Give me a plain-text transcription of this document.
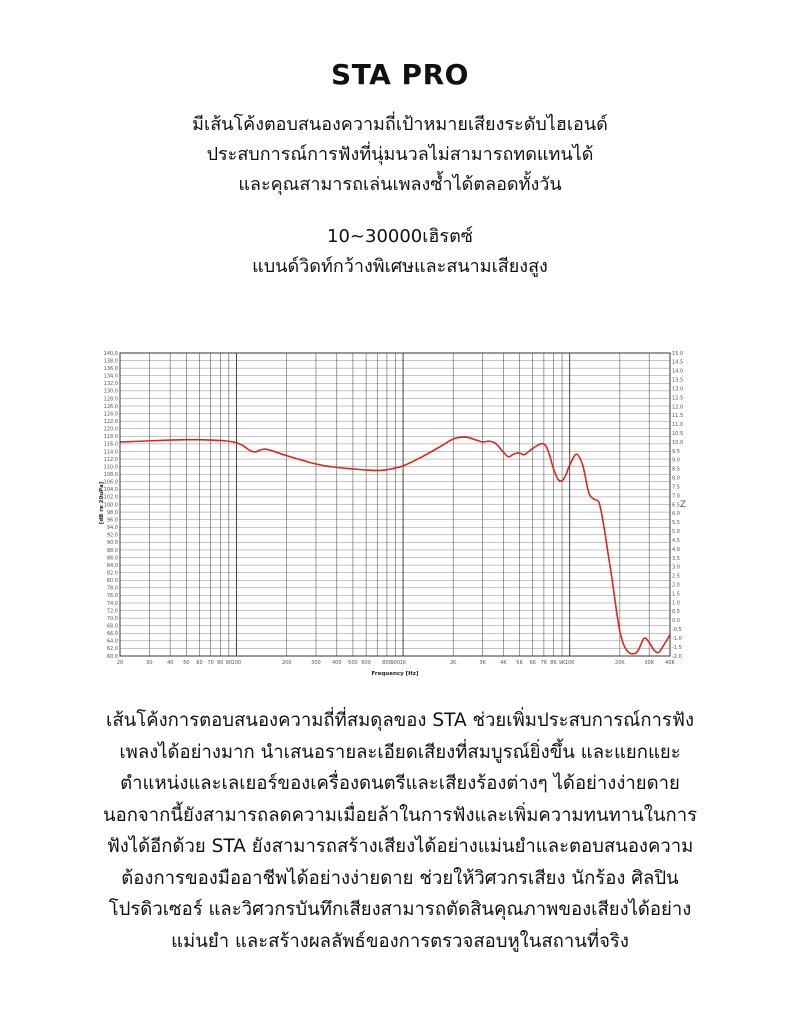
STA PRO
มีเส้นโค้งตอบสนองความถี่เป้าหมายเสียงระดับไฮเอนด์
ประสบการณ์การฟังที่นุ่มนวลไม่สามารถทดแทนได้
และคุณสามารถเล่นเพลงซ้ำได้ตลอดทั้งวัน
10~30000เฮิรตซ์
แบนด์วิดท์กว้างพิเศษและสนามเสียงสูง
60.0
62.0
64.0
66.0
68.0
70.0
72.0
74.0
76.0
78.0
80.0
82.0
84.0
86.0
88.0
90.0
92.0
94.0
96.0
98.0
100.0
102.0
104.0
106.0
108.0
110.0
112.0
114.0
116.0
118.0
120.0
122.0
124.0
126.0
128.0
130.0
132.0
134.0
136.0
138.0
140.0
20	30	40 50 60 70 80 90 100	200	300 400 500 600 800
900 1K	2K	3K	4K 5K 6K 7K 8K 9K 10K	20K	30K 40K
-2.0
-1.5
-1.0
-0.5
0.0
0.5
1.0
1.5
2.0
2.5
3.0
3.5
4.0
4.5
5.0
5.5
6.0
6.5
7.0
7.5
8.0
8.5
9.0
9.5
10.0
10.5
11.0
11.5
12.0
12.5
13.0
13.5
14.0
14.5
15.0
[dB re 20uPa]
Frequency [Hz]
Z
เส้นโค้งการตอบสนองความถี่ที่สมดุลของ STA ช่วยเพิ่มประสบการณ์การฟัง
เพลงได้อย่างมาก นำเสนอรายละเอียดเสียงที่สมบูรณ์ยิ่งขึ้น และแยกแยะ
ตำแหน่งและเลเยอร์ของเครื่องดนตรีและเสียงร้องต่างๆ ได้อย่างง่ายดาย
นอกจากนี้ยังสามารถลดความเมื่อยล้าในการฟังและเพิ่มความทนทานในการ
ฟังได้อีกด้วย STA ยังสามารถสร้างเสียงได้อย่างแม่นยำและตอบสนองความ
ต้องการของมืออาชีพได้อย่างง่ายดาย ช่วยให้วิศวกรเสียง นักร้อง ศิลปิน
โปรดิวเซอร์ และวิศวกรบันทึกเสียงสามารถตัดสินคุณภาพของเสียงได้อย่าง
แม่นยำ และสร้างผลลัพธ์ของการตรวจสอบหูในสถานที่จริง
